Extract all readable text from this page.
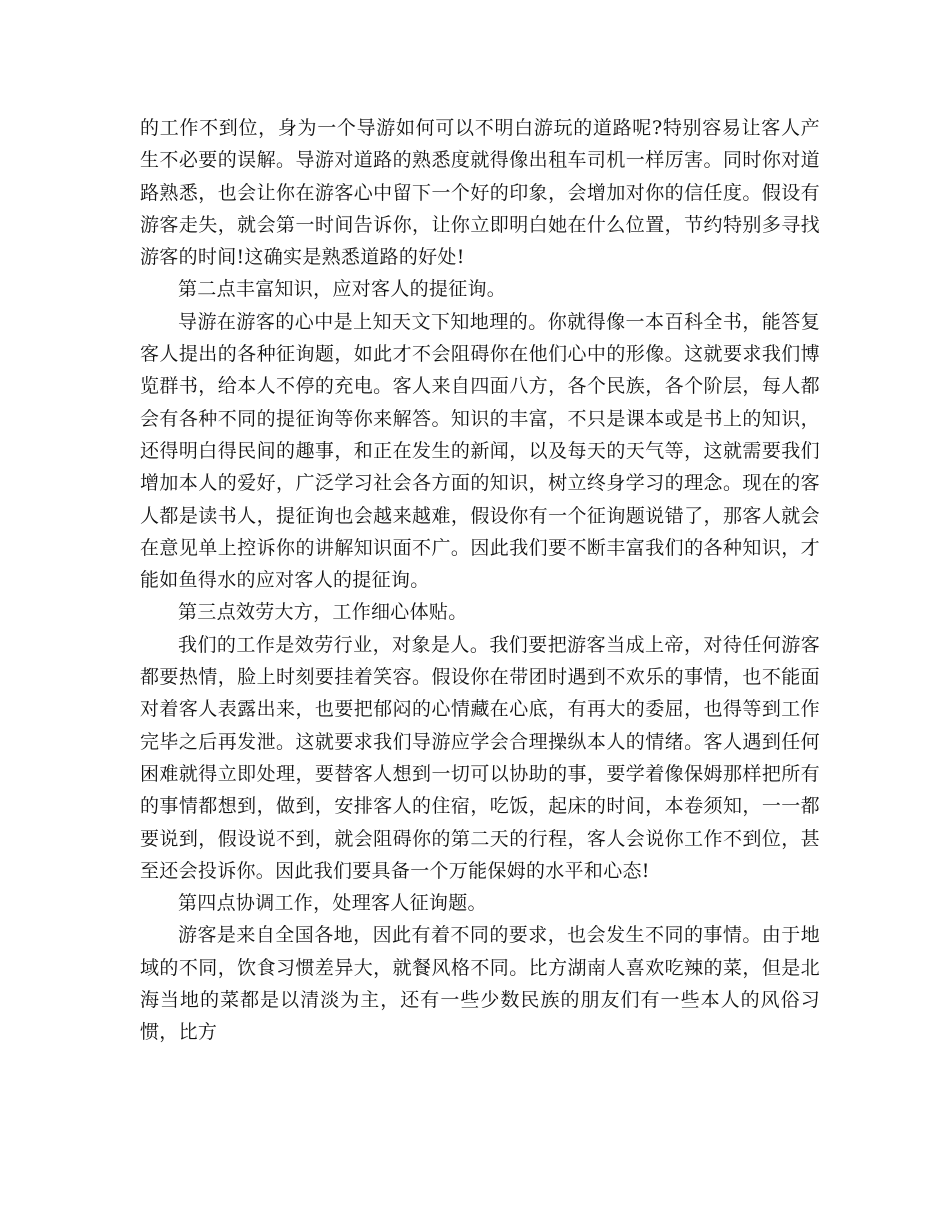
的工作不到位，身为一个导游如何可以不明白游玩的道路呢?特别容易让客人产生不必要的误解。导游对道路的熟悉度就得像出租车司机一样厉害。同时你对道路熟悉，也会让你在游客心中留下一个好的印象，会增加对你的信任度。假设有游客走失，就会第一时间告诉你，让你立即明白她在什么位置，节约特别多寻找游客的时间!这确实是熟悉道路的好处!

第二点丰富知识，应对客人的提征询。

导游在游客的心中是上知天文下知地理的。你就得像一本百科全书，能答复客人提出的各种征询题，如此才不会阻碍你在他们心中的形像。这就要求我们博览群书，给本人不停的充电。客人来自四面八方，各个民族，各个阶层，每人都会有各种不同的提征询等你来解答。知识的丰富，不只是课本或是书上的知识，还得明白得民间的趣事，和正在发生的新闻，以及每天的天气等，这就需要我们增加本人的爱好，广泛学习社会各方面的知识，树立终身学习的理念。现在的客人都是读书人，提征询也会越来越难，假设你有一个征询题说错了，那客人就会在意见单上控诉你的讲解知识面不广。因此我们要不断丰富我们的各种知识，才能如鱼得水的应对客人的提征询。

第三点效劳大方，工作细心体贴。

我们的工作是效劳行业，对象是人。我们要把游客当成上帝，对待任何游客都要热情，脸上时刻要挂着笑容。假设你在带团时遇到不欢乐的事情，也不能面对着客人表露出来，也要把郁闷的心情藏在心底，有再大的委屈，也得等到工作完毕之后再发泄。这就要求我们导游应学会合理操纵本人的情绪。客人遇到任何困难就得立即处理，要替客人想到一切可以协助的事，要学着像保姆那样把所有的事情都想到，做到，安排客人的住宿，吃饭，起床的时间，本卷须知，一一都要说到，假设说不到，就会阻碍你的第二天的行程，客人会说你工作不到位，甚至还会投诉你。因此我们要具备一个万能保姆的水平和心态!

第四点协调工作，处理客人征询题。

游客是来自全国各地，因此有着不同的要求，也会发生不同的事情。由于地域的不同，饮食习惯差异大，就餐风格不同。比方湖南人喜欢吃辣的菜，但是北海当地的菜都是以清淡为主，还有一些少数民族的朋友们有一些本人的风俗习惯，比方
